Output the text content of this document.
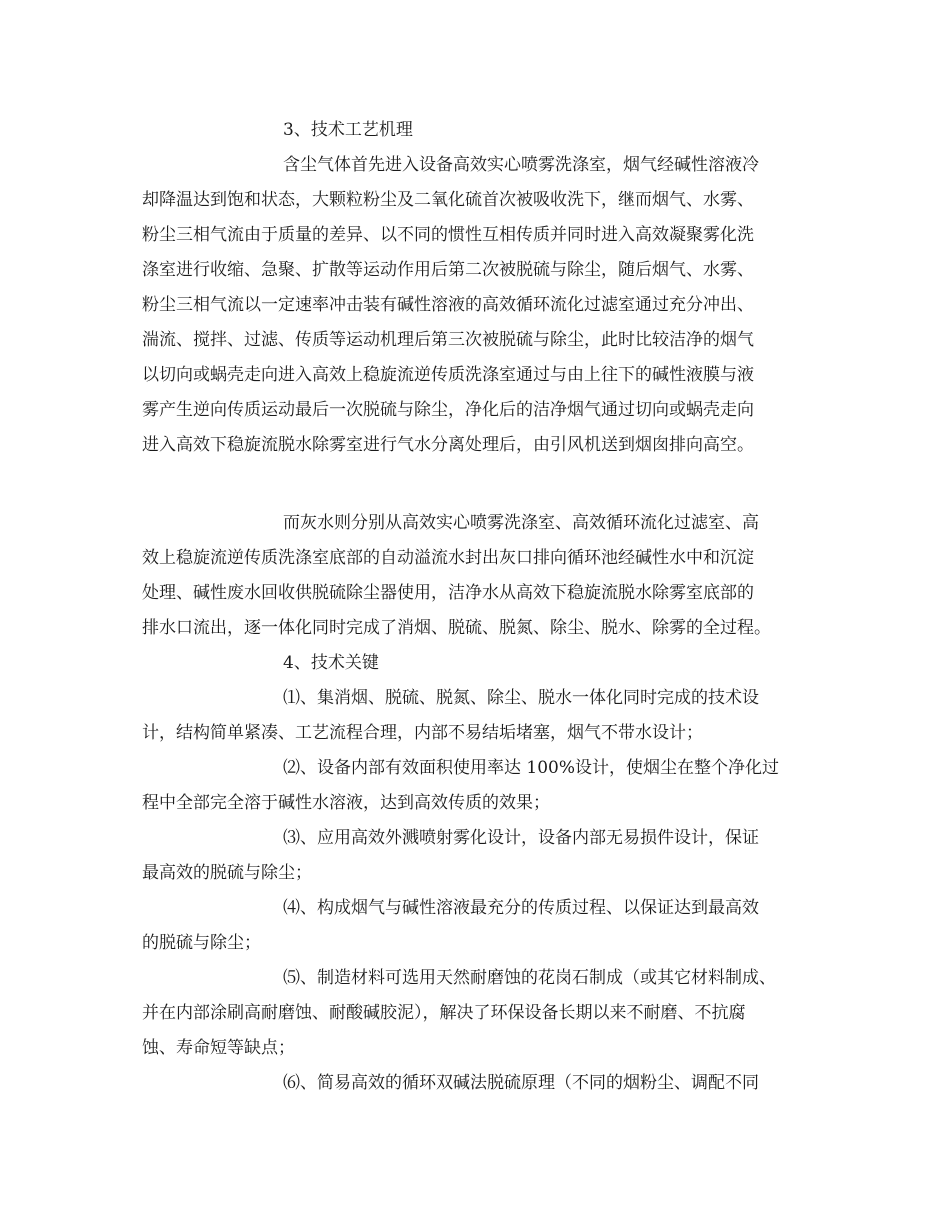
3、技术工艺机理
含尘气体首先进入设备高效实心喷雾洗涤室，烟气经碱性溶液冷
却降温达到饱和状态，大颗粒粉尘及二氧化硫首次被吸收洗下，继而烟气、水雾、
粉尘三相气流由于质量的差异、以不同的惯性互相传质并同时进入高效凝聚雾化洗
涤室进行收缩、急聚、扩散等运动作用后第二次被脱硫与除尘，随后烟气、水雾、
粉尘三相气流以一定速率冲击装有碱性溶液的高效循环流化过滤室通过充分冲出、
湍流、搅拌、过滤、传质等运动机理后第三次被脱硫与除尘，此时比较洁净的烟气
以切向或蜗壳走向进入高效上稳旋流逆传质洗涤室通过与由上往下的碱性液膜与液
雾产生逆向传质运动最后一次脱硫与除尘，净化后的洁净烟气通过切向或蜗壳走向
进入高效下稳旋流脱水除雾室进行气水分离处理后，由引风机送到烟囱排向高空。
而灰水则分别从高效实心喷雾洗涤室、高效循环流化过滤室、高
效上稳旋流逆传质洗涤室底部的自动溢流水封出灰口排向循环池经碱性水中和沉淀
处理、碱性废水回收供脱硫除尘器使用，洁净水从高效下稳旋流脱水除雾室底部的
排水口流出，逐一体化同时完成了消烟、脱硫、脱氮、除尘、脱水、除雾的全过程。
4、技术关键
⑴、集消烟、脱硫、脱氮、除尘、脱水一体化同时完成的技术设
计，结构简单紧凑、工艺流程合理，内部不易结垢堵塞，烟气不带水设计；
⑵、设备内部有效面积使用率达 100%设计，使烟尘在整个净化过
程中全部完全溶于碱性水溶液，达到高效传质的效果；
⑶、应用高效外溅喷射雾化设计，设备内部无易损件设计，保证
最高效的脱硫与除尘；
⑷、构成烟气与碱性溶液最充分的传质过程、以保证达到最高效
的脱硫与除尘；
⑸、制造材料可选用天然耐磨蚀的花岗石制成（或其它材料制成、
并在内部涂刷高耐磨蚀、耐酸碱胶泥），解决了环保设备长期以来不耐磨、不抗腐
蚀、寿命短等缺点；
⑹、简易高效的循环双碱法脱硫原理（不同的烟粉尘、调配不同
